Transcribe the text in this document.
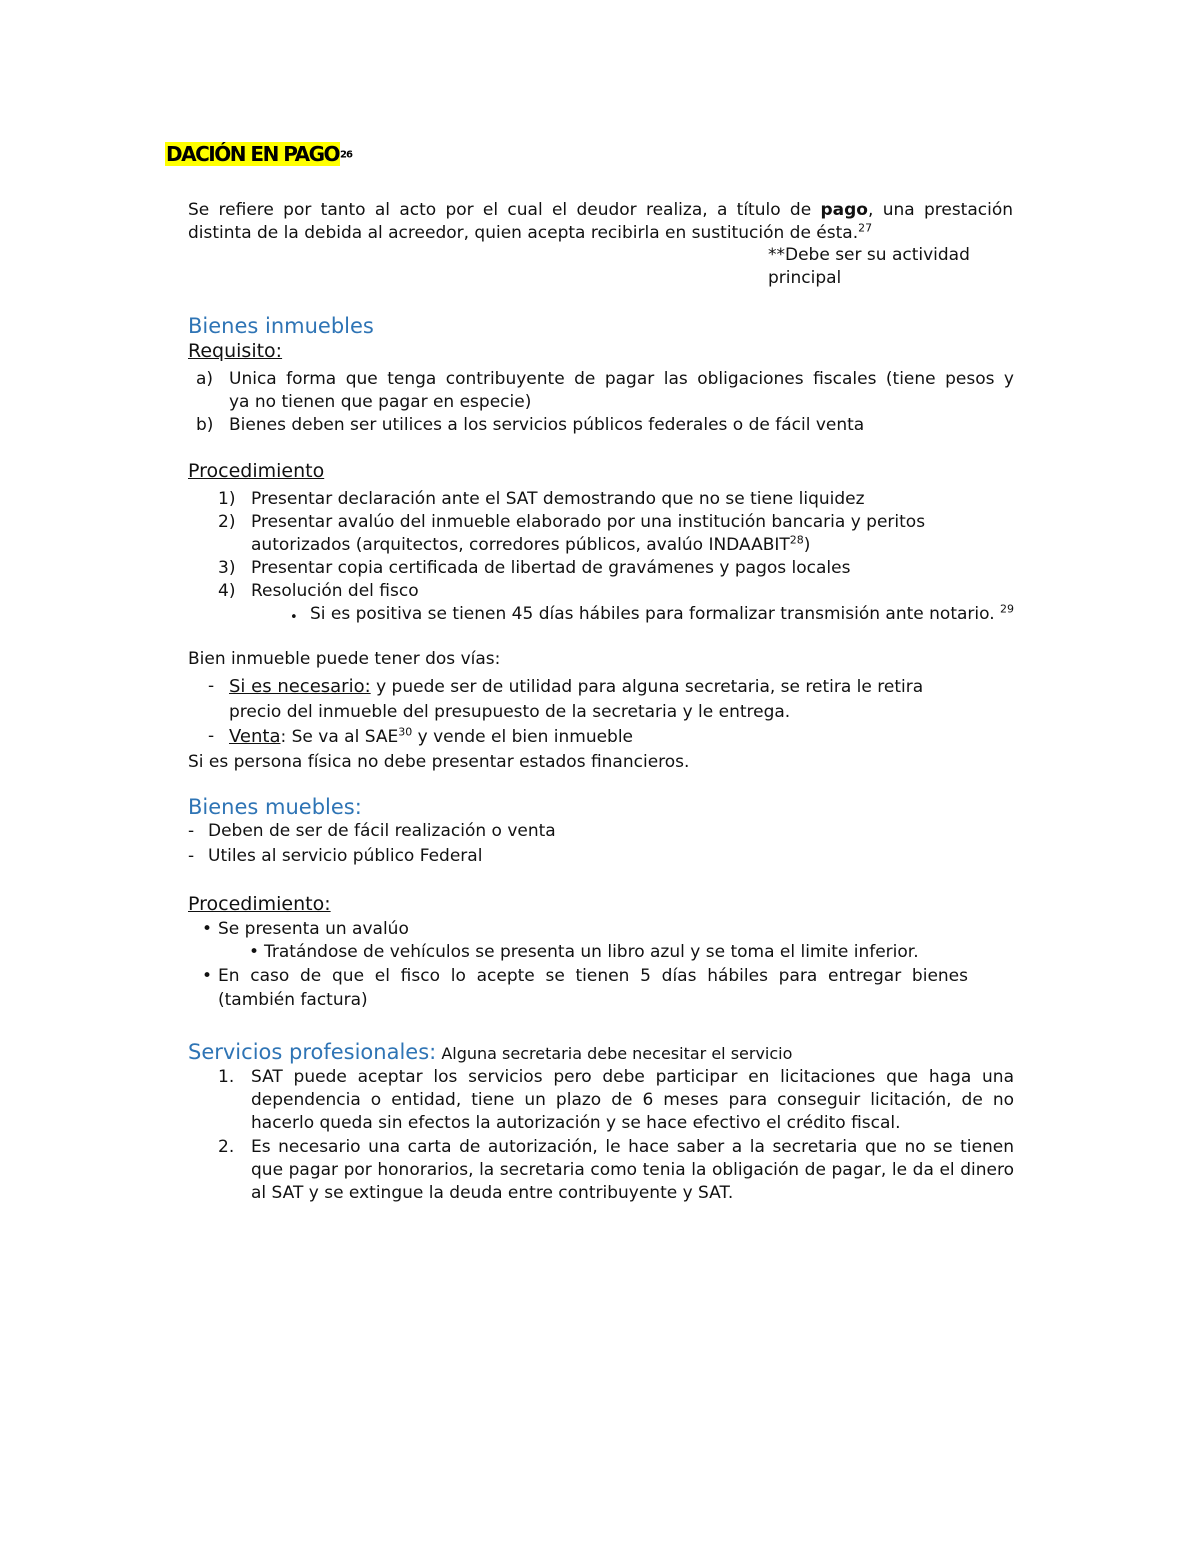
DACIÓN EN PAGO$^{26}$
Se refiere por tanto al acto por el cual el deudor realiza, a título de pago, una prestación distinta de la debida al acreedor, quien acepta recibirla en sustitución de ésta.$^{27}$
**Debe ser su actividad
principal
Bienes inmuebles
Requisito:
a) Unica forma que tenga contribuyente de pagar las obligaciones fiscales (tiene pesos y
ya no tienen que pagar en especie)
b) Bienes deben ser utilices a los servicios públicos federales o de fácil venta
Procedimiento
1) Presentar declaración ante el SAT demostrando que no se tiene liquidez
2) Presentar avalúo del inmueble elaborado por una institución bancaria y peritos
autorizados (arquitectos, corredores públicos, avalúo INDAABIT$^{28}$)
3) Presentar copia certificada de libertad de gravámenes y pagos locales
4) Resolución del fisco
• Si es positiva se tienen 45 días hábiles para formalizar transmisión ante notario. $^{29}$
Bien inmueble puede tener dos vías:
- Si es necesario: y puede ser de utilidad para alguna secretaria, se retira le retira
precio del inmueble del presupuesto de la secretaria y le entrega.
- Venta: Se va al SAE$^{30}$ y vende el bien inmueble
Si es persona física no debe presentar estados financieros.
Bienes muebles:
- Deben de ser de fácil realización o venta
- Utiles al servicio público Federal
Procedimiento:
• Se presenta un avalúo
• Tratándose de vehículos se presenta un libro azul y se toma el limite inferior.
• En caso de que el fisco lo acepte se tienen 5 días hábiles para entregar bienes
(también factura)
Servicios profesionales: Alguna secretaria debe necesitar el servicio
1. SAT puede aceptar los servicios pero debe participar en licitaciones que haga una dependencia o entidad, tiene un plazo de 6 meses para conseguir licitación, de no hacerlo queda sin efectos la autorización y se hace efectivo el crédito fiscal.
2. Es necesario una carta de autorización, le hace saber a la secretaria que no se tienen que pagar por honorarios, la secretaria como tenia la obligación de pagar, le da el dinero al SAT y se extingue la deuda entre contribuyente y SAT.
